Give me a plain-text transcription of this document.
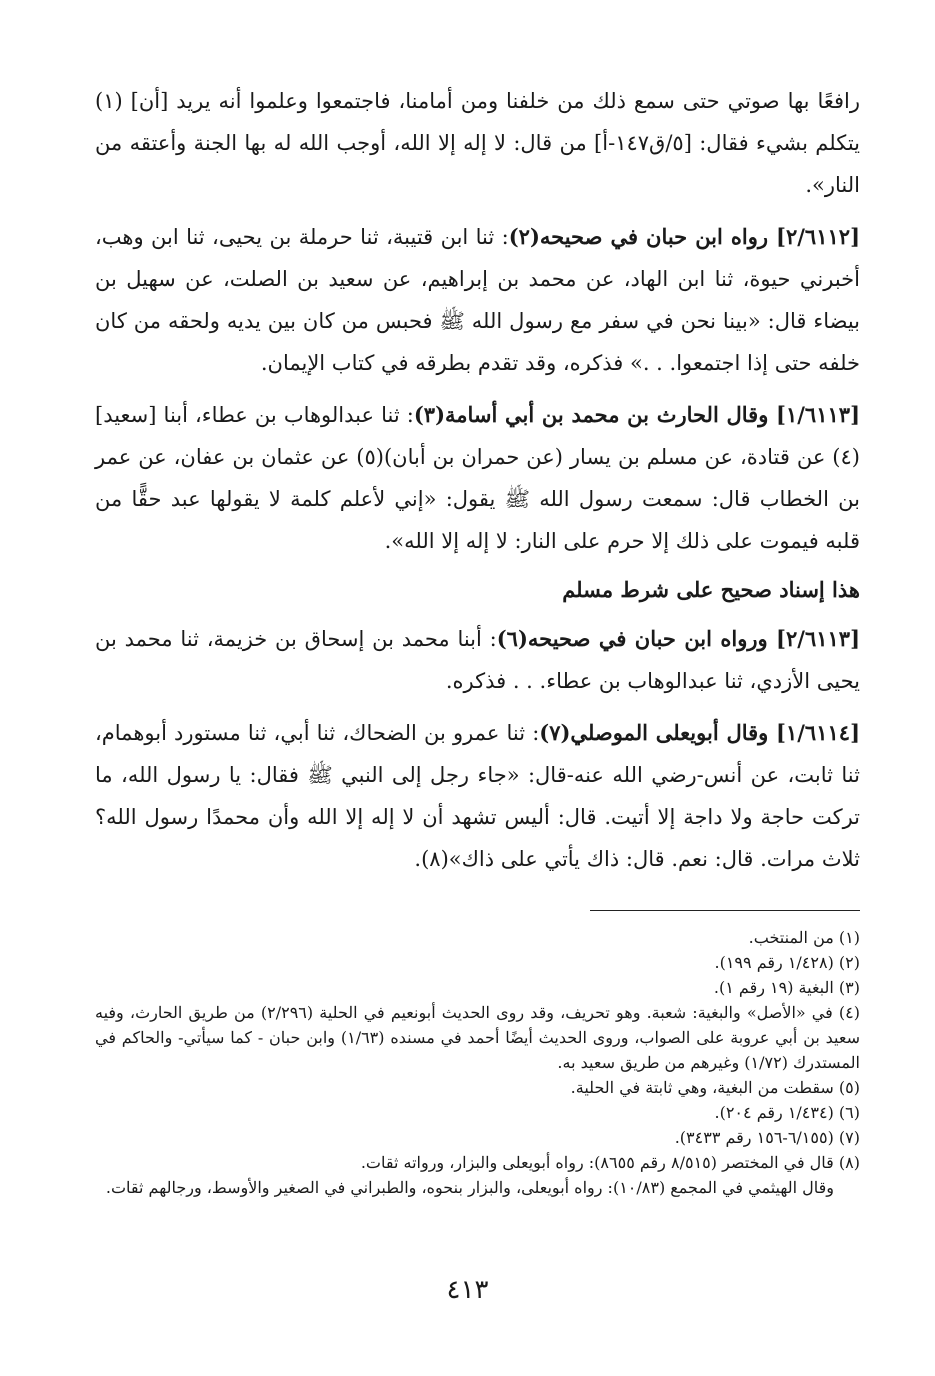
رافعًا بها صوتي حتى سمع ذلك من خلفنا ومن أمامنا، فاجتمعوا وعلموا أنه يريد [أن] (١) يتكلم بشيء فقال: [٥/ق١٤٧-أ] من قال: لا إله إلا الله، أوجب الله له بها الجنة وأعتقه من النار».

[٢/٦١١٢] رواه ابن حبان في صحيحه(٢): ثنا ابن قتيبة، ثنا حرملة بن يحيى، ثنا ابن وهب، أخبرني حيوة، ثنا ابن الهاد، عن محمد بن إبراهيم، عن سعيد بن الصلت، عن سهيل بن بيضاء قال: «بينا نحن في سفر مع رسول الله ﷺ فحبس من كان بين يديه ولحقه من كان خلفه حتى إذا اجتمعوا. . .» فذكره، وقد تقدم بطرقه في كتاب الإيمان.

[١/٦١١٣] وقال الحارث بن محمد بن أبي أسامة(٣): ثنا عبدالوهاب بن عطاء، أبنا [سعيد](٤) عن قتادة، عن مسلم بن يسار (عن حمران بن أبان)(٥) عن عثمان بن عفان، عن عمر بن الخطاب قال: سمعت رسول الله ﷺ يقول: «إني لأعلم كلمة لا يقولها عبد حقًّا من قلبه فيموت على ذلك إلا حرم على النار: لا إله إلا الله».

هذا إسناد صحيح على شرط مسلم

[٢/٦١١٣] ورواه ابن حبان في صحيحه(٦): أبنا محمد بن إسحاق بن خزيمة، ثنا محمد بن يحيى الأزدي، ثنا عبدالوهاب بن عطاء. . . فذكره.

[١/٦١١٤] وقال أبويعلى الموصلي(٧): ثنا عمرو بن الضحاك، ثنا أبي، ثنا مستورد أبوهمام، ثنا ثابت، عن أنس-رضي الله عنه-قال: «جاء رجل إلى النبي ﷺ فقال: يا رسول الله، ما تركت حاجة ولا داجة إلا أتيت. قال: أليس تشهد أن لا إله إلا الله وأن محمدًا رسول الله؟ ثلاث مرات. قال: نعم. قال: ذاك يأتي على ذاك»(٨).

(١) من المنتخب.

(٢) (١/٤٢٨ رقم ١٩٩).

(٣) البغية (١٩ رقم ١).

(٤) في «الأصل» والبغية: شعبة. وهو تحريف، وقد روى الحديث أبونعيم في الحلية (٢/٢٩٦) من طريق الحارث، وفيه سعيد بن أبي عروبة على الصواب، وروى الحديث أيضًا أحمد في مسنده (١/٦٣) وابن حبان - كما سيأتي- والحاكم في المستدرك (١/٧٢) وغيرهم من طريق سعيد به.

(٥) سقطت من البغية، وهي ثابتة في الحلية.

(٦) (١/٤٣٤ رقم ٢٠٤).

(٧) (٦/١٥٥-١٥٦ رقم ٣٤٣٣).

(٨) قال في المختصر (٨/٥١٥ رقم ٨٦٥٥): رواه أبويعلى والبزار، ورواته ثقات.

وقال الهيثمي في المجمع (١٠/٨٣): رواه أبويعلى، والبزار بنحوه، والطبراني في الصغير والأوسط، ورجالهم ثقات.

٤١٣
